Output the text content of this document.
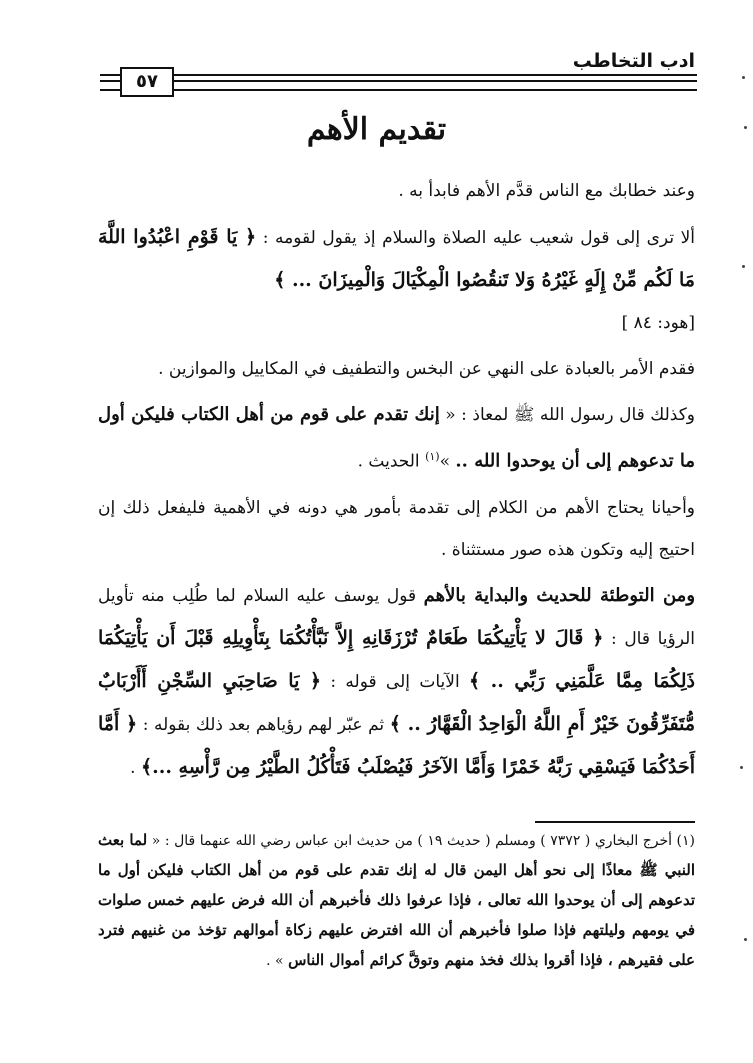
ادب التخاطب
٥٧
تقديم الأهم

وعند خطابك مع الناس قدَّم الأهم فابدأ به .

ألا ترى إلى قول شعيب عليه الصلاة والسلام إذ يقول لقومه : ﴿ يَا قَوْمِ اعْبُدُوا اللَّهَ مَا لَكُم مِّنْ إِلَهٍ غَيْرُهُ وَلا تَنقُصُوا الْمِكْيَالَ وَالْمِيزَانَ ... ﴾
[هود: ٨٤ ]

فقدم الأمر بالعبادة على النهي عن البخس والتطفيف في المكاييل والموازين .

وكذلك قال رسول الله ﷺ لمعاذ : « إنك تقدم على قوم من أهل الكتاب فليكن أول ما تدعوهم إلى أن يوحدوا الله .. »$^{(١)}$ الحديث .

وأحيانا يحتاج الأهم من الكلام إلى تقدمة بأمور هي دونه في الأهمية فليفعل ذلك إن احتيج إليه وتكون هذه صور مستثناة .

ومن التوطئة للحديث والبداية بالأهم قول يوسف عليه السلام لما طُلِب منه تأويل الرؤيا قال : ﴿ قَالَ لا يَأْتِيكُمَا طَعَامٌ تُرْزَقَانِهِ إِلاَّ نَبَّأْتُكُمَا بِتَأْوِيلِهِ قَبْلَ أَن يَأْتِيَكُمَا ذَلِكُمَا مِمَّا عَلَّمَنِي رَبِّي .. ﴾ الآيات إلى قوله : ﴿ يَا صَاحِبَيِ السِّجْنِ أَأَرْبَابٌ مُّتَفَرِّقُونَ خَيْرٌ أَمِ اللَّهُ الْوَاحِدُ الْقَهَّارُ .. ﴾ ثم عبّر لهم رؤياهم بعد ذلك بقوله : ﴿ أَمَّا أَحَدُكُمَا فَيَسْقِي رَبَّهُ خَمْرًا وَأَمَّا الآخَرُ فَيُصْلَبُ فَتَأْكُلُ الطَّيْرُ مِن رَّأْسِهِ ...﴾ .

(١) أخرج البخاري ( ٧٣٧٢ ) ومسلم ( حديث ١٩ ) من حديث ابن عباس رضي الله عنهما قال : « لما بعث النبي ﷺ معاذًا إلى نحو أهل اليمن قال له إنك تقدم على قوم من أهل الكتاب فليكن أول ما تدعوهم إلى أن يوحدوا الله تعالى ، فإذا عرفوا ذلك فأخبرهم أن الله فرض عليهم خمس صلوات في يومهم وليلتهم فإذا صلوا فأخبرهم أن الله افترض عليهم زكاة أموالهم تؤخذ من غنيهم فترد على فقيرهم ، فإذا أقروا بذلك فخذ منهم وتوقَّ كرائم أموال الناس » .
